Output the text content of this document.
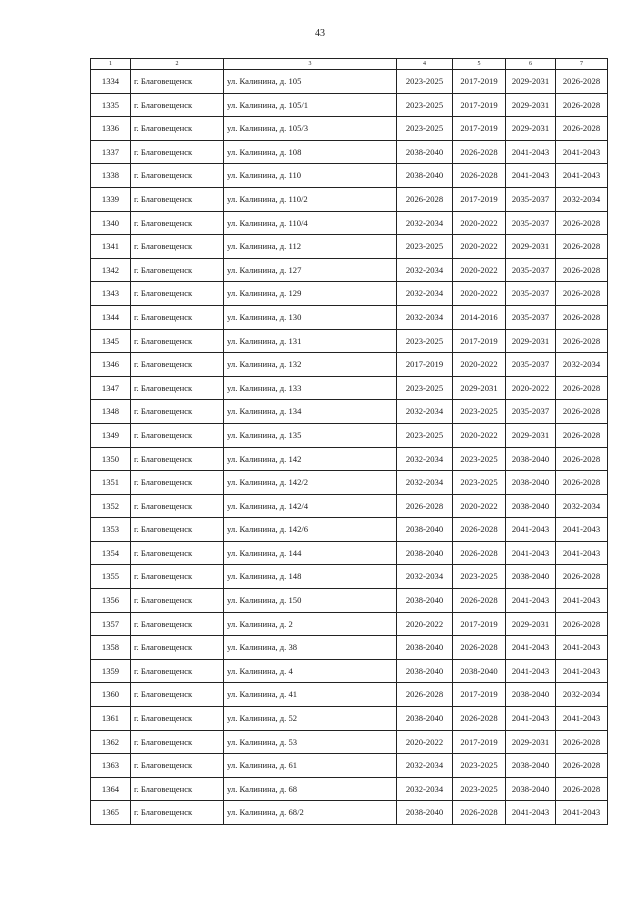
43
1	2	3	4	5	6	7
1334	г. Благовещенск	ул. Калинина, д. 105	2023-2025	2017-2019	2029-2031	2026-2028
1335	г. Благовещенск	ул. Калинина, д. 105/1	2023-2025	2017-2019	2029-2031	2026-2028
1336	г. Благовещенск	ул. Калинина, д. 105/3	2023-2025	2017-2019	2029-2031	2026-2028
1337	г. Благовещенск	ул. Калинина, д. 108	2038-2040	2026-2028	2041-2043	2041-2043
1338	г. Благовещенск	ул. Калинина, д. 110	2038-2040	2026-2028	2041-2043	2041-2043
1339	г. Благовещенск	ул. Калинина, д. 110/2	2026-2028	2017-2019	2035-2037	2032-2034
1340	г. Благовещенск	ул. Калинина, д. 110/4	2032-2034	2020-2022	2035-2037	2026-2028
1341	г. Благовещенск	ул. Калинина, д. 112	2023-2025	2020-2022	2029-2031	2026-2028
1342	г. Благовещенск	ул. Калинина, д. 127	2032-2034	2020-2022	2035-2037	2026-2028
1343	г. Благовещенск	ул. Калинина, д. 129	2032-2034	2020-2022	2035-2037	2026-2028
1344	г. Благовещенск	ул. Калинина, д. 130	2032-2034	2014-2016	2035-2037	2026-2028
1345	г. Благовещенск	ул. Калинина, д. 131	2023-2025	2017-2019	2029-2031	2026-2028
1346	г. Благовещенск	ул. Калинина, д. 132	2017-2019	2020-2022	2035-2037	2032-2034
1347	г. Благовещенск	ул. Калинина, д. 133	2023-2025	2029-2031	2020-2022	2026-2028
1348	г. Благовещенск	ул. Калинина, д. 134	2032-2034	2023-2025	2035-2037	2026-2028
1349	г. Благовещенск	ул. Калинина, д. 135	2023-2025	2020-2022	2029-2031	2026-2028
1350	г. Благовещенск	ул. Калинина, д. 142	2032-2034	2023-2025	2038-2040	2026-2028
1351	г. Благовещенск	ул. Калинина, д. 142/2	2032-2034	2023-2025	2038-2040	2026-2028
1352	г. Благовещенск	ул. Калинина, д. 142/4	2026-2028	2020-2022	2038-2040	2032-2034
1353	г. Благовещенск	ул. Калинина, д. 142/6	2038-2040	2026-2028	2041-2043	2041-2043
1354	г. Благовещенск	ул. Калинина, д. 144	2038-2040	2026-2028	2041-2043	2041-2043
1355	г. Благовещенск	ул. Калинина, д. 148	2032-2034	2023-2025	2038-2040	2026-2028
1356	г. Благовещенск	ул. Калинина, д. 150	2038-2040	2026-2028	2041-2043	2041-2043
1357	г. Благовещенск	ул. Калинина, д. 2	2020-2022	2017-2019	2029-2031	2026-2028
1358	г. Благовещенск	ул. Калинина, д. 38	2038-2040	2026-2028	2041-2043	2041-2043
1359	г. Благовещенск	ул. Калинина, д. 4	2038-2040	2038-2040	2041-2043	2041-2043
1360	г. Благовещенск	ул. Калинина, д. 41	2026-2028	2017-2019	2038-2040	2032-2034
1361	г. Благовещенск	ул. Калинина, д. 52	2038-2040	2026-2028	2041-2043	2041-2043
1362	г. Благовещенск	ул. Калинина, д. 53	2020-2022	2017-2019	2029-2031	2026-2028
1363	г. Благовещенск	ул. Калинина, д. 61	2032-2034	2023-2025	2038-2040	2026-2028
1364	г. Благовещенск	ул. Калинина, д. 68	2032-2034	2023-2025	2038-2040	2026-2028
1365	г. Благовещенск	ул. Калинина, д. 68/2	2038-2040	2026-2028	2041-2043	2041-2043
